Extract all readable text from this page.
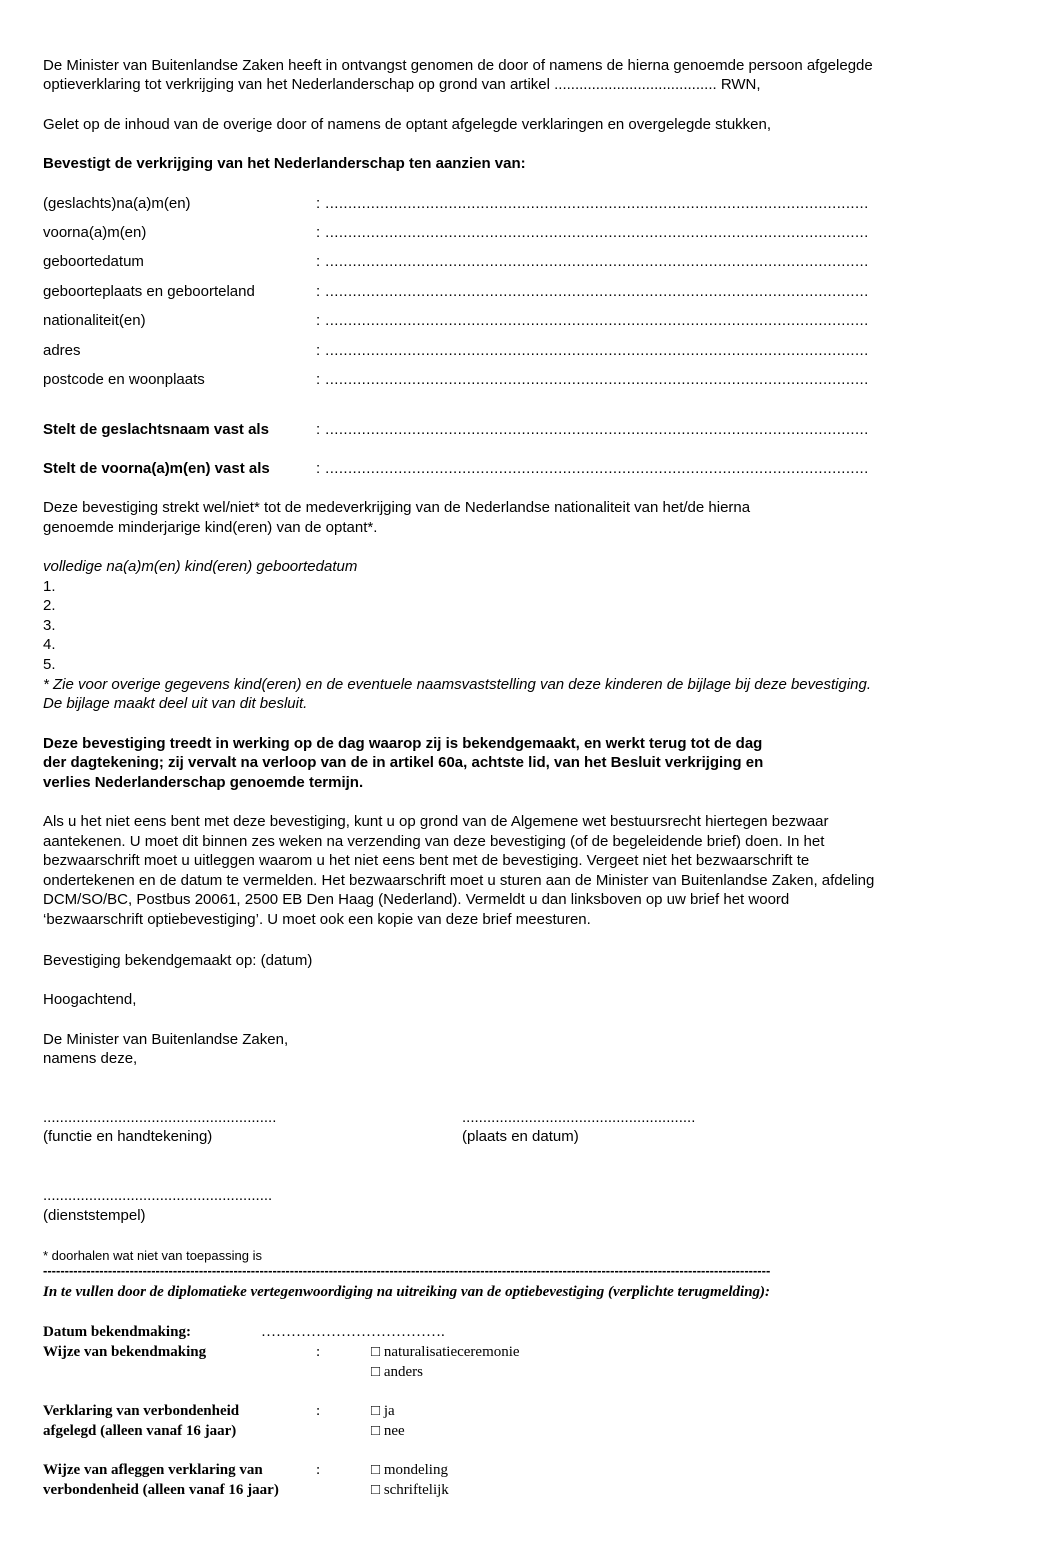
De Minister van Buitenlandse Zaken heeft in ontvangst genomen de door of namens de hierna genoemde persoon afgelegde
optieverklaring tot verkrijging van het Nederlanderschap op grond van artikel ....................................... RWN,
Gelet op de inhoud van de overige door of namens de optant afgelegde verklaringen en overgelegde stukken,
Bevestigt de verkrijging van het Nederlanderschap ten aanzien van:
(geslachts)na(a)m(en)	: .......................................................................................................................
voorna(a)m(en)	: .......................................................................................................................
geboortedatum	: .......................................................................................................................
geboorteplaats en geboorteland	: .......................................................................................................................
nationaliteit(en)	: .......................................................................................................................
adres	: .......................................................................................................................
postcode en woonplaats	: .......................................................................................................................
Stelt de geslachtsnaam vast als	: .......................................................................................................................
Stelt de voorna(a)m(en) vast als	: .......................................................................................................................
Deze bevestiging strekt wel/niet* tot de medeverkrijging van de Nederlandse nationaliteit van het/de hierna
genoemde minderjarige kind(eren) van de optant*.
volledige na(a)m(en) kind(eren) geboortedatum
1.
2.
3.
4.
5.
* Zie voor overige gegevens kind(eren) en de eventuele naamsvaststelling van deze kinderen de bijlage bij deze bevestiging.
De bijlage maakt deel uit van dit besluit.
Deze bevestiging treedt in werking op de dag waarop zij is bekendgemaakt, en werkt terug tot de dag
der dagtekening; zij vervalt na verloop van de in artikel 60a, achtste lid, van het Besluit verkrijging en
verlies Nederlanderschap genoemde termijn.
Als u het niet eens bent met deze bevestiging, kunt u op grond van de Algemene wet bestuursrecht hiertegen bezwaar
aantekenen. U moet dit binnen zes weken na verzending van deze bevestiging (of de begeleidende brief) doen. In het
bezwaarschrift moet u uitleggen waarom u het niet eens bent met de bevestiging. Vergeet niet het bezwaarschrift te
ondertekenen en de datum te vermelden. Het bezwaarschrift moet u sturen aan de Minister van Buitenlandse Zaken, afdeling
DCM/SO/BC, Postbus 20061, 2500 EB Den Haag (Nederland). Vermeldt u dan linksboven op uw brief het woord
‘bezwaarschrift optiebevestiging’. U moet ook een kopie van deze brief meesturen.
Bevestiging bekendgemaakt op: (datum)
Hoogachtend,
De Minister van Buitenlandse Zaken,
namens deze,
........................................................
(functie en handtekening)
........................................................
(plaats en datum)
.......................................................
(dienststempel)
* doorhalen wat niet van toepassing is
------------------------------------------------------------------------------------------------------------------------------------------------------------------------
In te vullen door de diplomatieke vertegenwoordiging na uitreiking van de optiebevestiging (verplichte terugmelding):
Datum bekendmaking:	……………………………….
Wijze van bekendmaking	:	□ naturalisatieceremonie
□ anders
Verklaring van verbondenheid
afgelegd (alleen vanaf 16 jaar)
:	□ ja
□ nee
Wijze van afleggen verklaring van
verbondenheid (alleen vanaf 16 jaar)
:	□ mondeling
□ schriftelijk
